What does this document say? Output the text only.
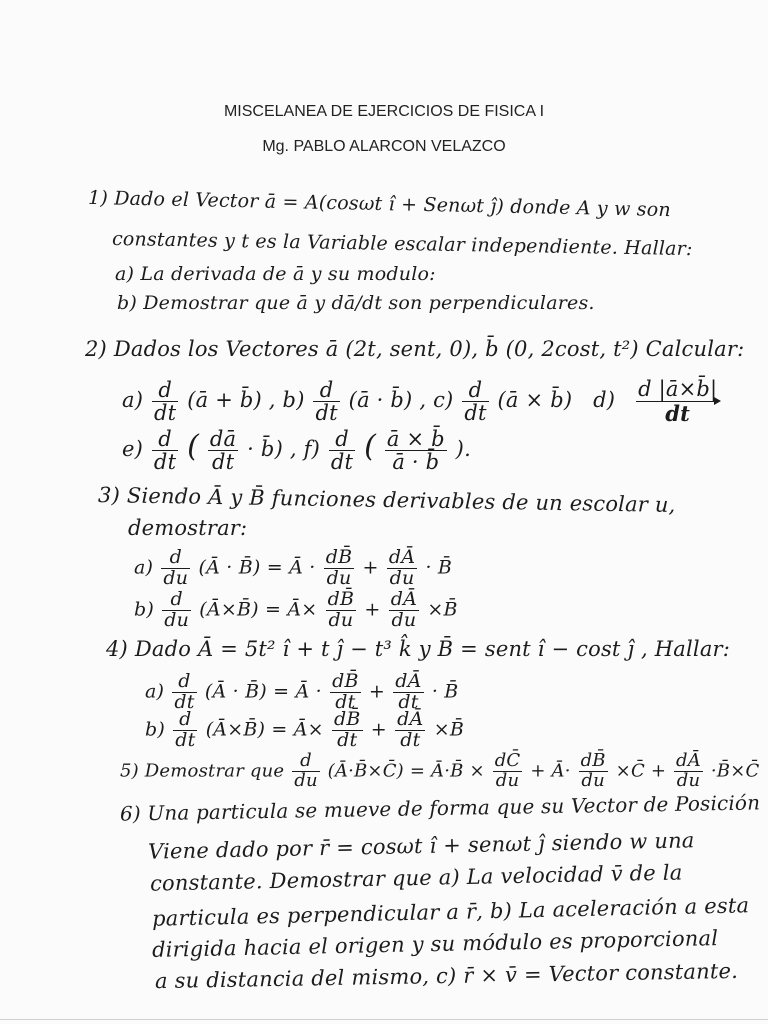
MISCELANEA DE EJERCICIOS DE FISICA I
Mg. PABLO ALARCON VELAZCO
1) Dado el Vector ā = A(cosωt î + Senωt ĵ) donde A y w son
constantes y t es la Variable escalar independiente. Hallar:
a) La derivada de ā y su modulo:
b) Demostrar que ā y dā/dt son perpendiculares.
2) Dados los Vectores ā (2t, sent, 0), b̄ (0, 2cost, t²) Calcular:
$a) \frac{d}{dt}$ (ā + b̄) , $b) \frac{d}{dt}$ (ā · b̄) , $c) \frac{d}{dt}$ (ā × b̄) $d) \frac{d |ā\times b̄|}{dt}$
$e) \frac{d}{dt}$ ( $\frac{dā}{dt}$ · b̄) , $f) \frac{d}{dt}$ ( $\frac{ā \times b̄}{ā \cdot b̄}$ ).
3) Siendo Ā y B̄ funciones derivables de un escolar u,
demostrar:
$a) \frac{d}{du}$ (Ā · B̄) = Ā · $\frac{dB̄}{du} + \frac{dĀ}{du}$ · B̄
$b) \frac{d}{du}$ (Ā×B̄) = Ā× $\frac{dB̄}{du} + \frac{dĀ}{du}$ ×B̄
4) Dado Ā = 5t² î + t ĵ − t³ k̂ y B̄ = sent î − cost ĵ , Hallar:
$a) \frac{d}{dt}$ (Ā · B̄) = Ā · $\frac{dB̄}{dt} + \frac{dĀ}{dt}$ · B̄
$b) \frac{d}{dt}$ (Ā×B̄) = Ā× $\frac{dB̄}{dt} + \frac{dĀ}{dt}$ ×B̄
5) Demostrar que $\frac{d}{du}$ (Ā·B̄×C̄) = Ā·B̄ × $\frac{dC̄}{du}$ + Ā· $\frac{dB̄}{du}$ ×C̄ + $\frac{dĀ}{du}$ ·B̄×C̄
6) Una particula se mueve de forma que su Vector de Posición
Viene dado por r̄ = cosωt î + senωt ĵ siendo w una
constante. Demostrar que a) La velocidad v̄ de la
particula es perpendicular a r̄, b) La aceleración a esta
dirigida hacia el origen y su módulo es proporcional
a su distancia del mismo, c) r̄ × v̄ = Vector constante.
